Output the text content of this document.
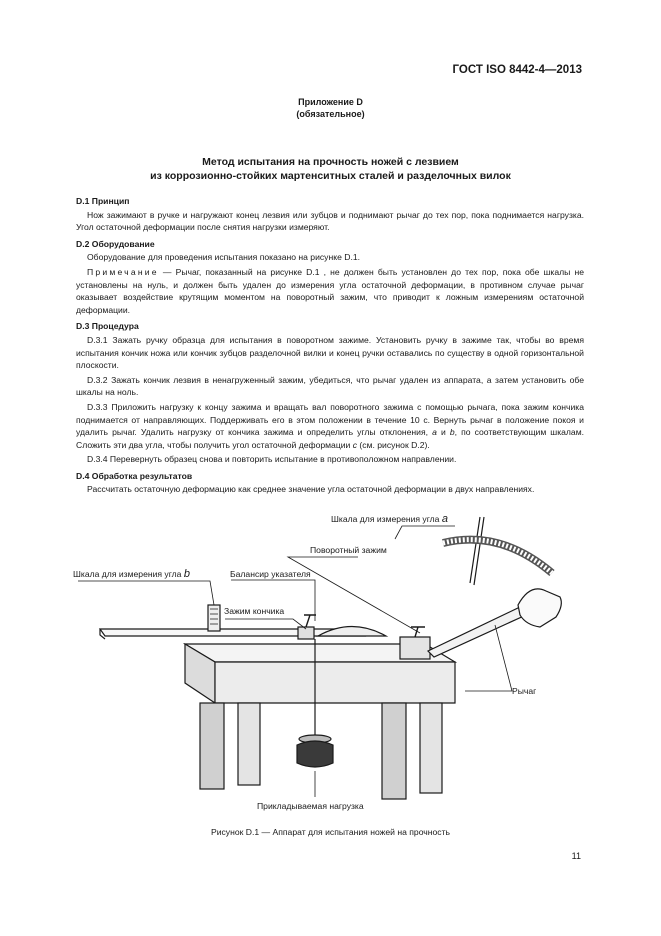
ГОСТ ISO 8442-4—2013
Приложение D
(обязательное)
Метод испытания на прочность ножей с лезвием
из коррозионно-стойких мартенситных сталей и разделочных вилок
D.1 Принцип

Нож зажимают в ручке и нагружают конец лезвия или зубцов и поднимают рычаг до тех пор, пока поднимается нагрузка. Угол остаточной деформации после снятия нагрузки измеряют.

D.2 Оборудование

Оборудование для проведения испытания показано на рисунке D.1.

Примечание — Рычаг, показанный на рисунке D.1 , не должен быть установлен до тех пор, пока обе шкалы не установлены на нуль, и должен быть удален до измерения угла остаточной деформации, в противном случае рычаг оказывает воздействие крутящим моментом на поворотный зажим, что приводит к ложным измерениям остаточной деформации.

D.3 Процедура

D.3.1 Зажать ручку образца для испытания в поворотном зажиме. Установить ручку в зажиме так, чтобы во время испытания кончик ножа или кончик зубцов разделочной вилки и конец ручки оставались по существу в одной горизонтальной плоскости.

D.3.2 Зажать кончик лезвия в ненагруженный зажим, убедиться, что рычаг удален из аппарата, а затем установить обе шкалы на ноль.

D.3.3 Приложить нагрузку к концу зажима и вращать вал поворотного зажима с помощью рычага, пока зажим кончика поднимается от направляющих. Поддерживать его в этом положении в течение 10 с. Вернуть рычаг в положение покоя и удалить рычаг. Удалить нагрузку от кончика зажима и определить углы отклонения, a и b, по соответствующим шкалам. Сложить эти два угла, чтобы получить угол остаточной деформации c (см. рисунок D.2).

D.3.4 Перевернуть образец снова и повторить испытание в противоположном направлении.

D.4 Обработка результатов

Рассчитать остаточную деформацию как среднее значение угла остаточной деформации в двух направлениях.

Шкала для измерения угла a
Поворотный зажим
Шкала для измерения угла b	Балансир указателя
Зажим кончика
Рычаг
Прикладываемая нагрузка
Рисунок D.1 — Аппарат для испытания ножей на прочность
11
